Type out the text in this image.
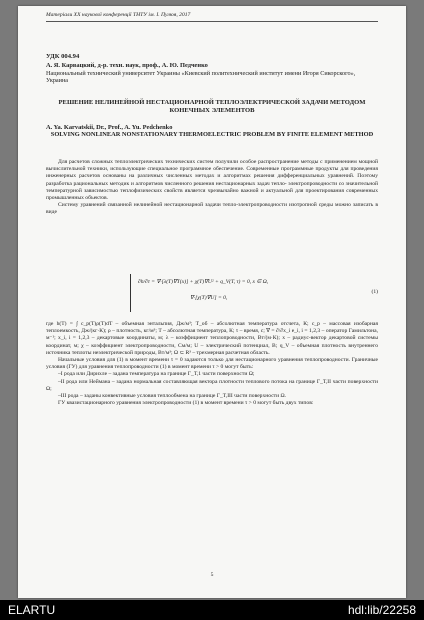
Матеріали XX наукової конференції ТНТУ ім. І. Пулюя, 2017
УДК 004.94
А. Я. Карвацкий, д-р. техн. наук, проф., А. Ю. Педченко

Национальный технический университет Украины «Киевский политехнический институт имени Игоря Сикорского», Украина

РЕШЕНИЕ НЕЛИНЕЙНОЙ НЕСТАЦИОНАРНОЙ ТЕПЛОЭЛЕКТРИЧЕСКОЙ ЗАДАЧИ МЕТОДОМ КОНЕЧНЫХ ЭЛЕМЕНТОВ

A. Ya. Karvatskii, Dr., Prof., A. Yu. Pedchenko

SOLVING NONLINEAR NONSTATIONARY THERMOELECTRIC PROBLEM BY FINITE ELEMENT METHOD

Для расчетов сложных теплоэлектрических технических систем получили особое распространение методы с применением мощной вычислительной техники, использующие специальное программное обеспечение. Современные программные продукты для проведения инженерных расчетов основаны на различных численных методах и алгоритмах решения дифференциальных уравнений. Поэтому разработка рациональных методик и алгоритмов численного решения нестационарных задач тепло- электропроводности со значительной температурной зависимостью теплофизических свойств является чрезвычайно важной и актуальной для проектирования современных промышленных объектов.

Систему уравнений связанной нелинейной нестационарной задачи тепло-электропроводности изотропной среды можно записать в виде

∂h/∂τ = ∇·[λ(T)∇T(x)] + χ(T)∇U² + q_V(T, τ) = 0, x ∈ Ω,
∇·[χ(T)∇U] = 0,
(1)

где h(T) = ∫ c_p(T)ρ(T)dT – объемная энтальпия, Дж/м³; T_об – абсолютная температура отсчета, К; c_p – массовая изобарная теплоемкость, Дж/(кг·К); ρ – плотность, кг/м³; T – абсолютная температура, К; τ – время, с; ∇ = ∂/∂x_i e_i, i = 1,2,3 – оператор Гамильтона, м⁻¹; x_i, i = 1,2,3 – декартовые координаты, м; λ – коэффициент теплопроводности, Вт/(м·К); x – радиус-вектор декартовой системы координат, м; χ – коэффициент электропроводности, См/м; U – электрический потенциал, В; q_V – объемная плотность внутреннего источника теплоты неэлектрической природы, Вт/м³; Ω ⊂ R³ – трехмерная расчетная область.

Начальные условия для (1) в момент времени τ = 0 задаются только для нестационарного уравнения теплопроводности. Граничные условия (ГУ) для уравнения теплопроводности (1) в момент времени τ > 0 могут быть:

–I рода или Дирихле – задана температура на границе Γ_T,1 части поверхности Ω;

–II рода или Неймана – задана нормальная составляющая вектора плотности теплового потока на границе Γ_T,II части поверхности Ω;

–III рода – заданы конвективные условия теплообмена на границе Γ_T,III части поверхности Ω.

ГУ квазистационарного уравнения электропроводности (1) в момент времени τ > 0 могут быть двух типов:

5
ELARTU	hdl:lib/22258
